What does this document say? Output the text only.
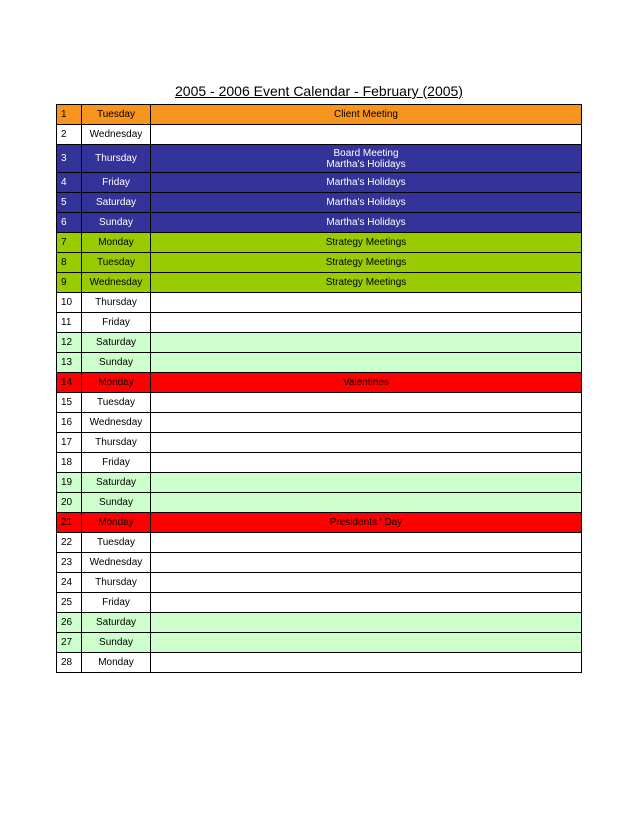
2005 - 2006 Event Calendar - February (2005)
1	Tuesday	Client Meeting

2	Wednesday	
3	Thursday	Board Meeting
Martha's Holidays

4	Friday	Martha's Holidays

5	Saturday	Martha's Holidays

6	Sunday	Martha's Holidays

7	Monday	Strategy Meetings

8	Tuesday	Strategy Meetings

9	Wednesday	Strategy Meetings

10	Thursday	
11	Friday	
12	Saturday	
13	Sunday	
14	Monday	Valentines

15	Tuesday	
16	Wednesday	
17	Thursday	
18	Friday	
19	Saturday	
20	Sunday	
21	Monday	Presidents ' Day

22	Tuesday	
23	Wednesday	
24	Thursday	
25	Friday	
26	Saturday	
27	Sunday	
28	Monday	
